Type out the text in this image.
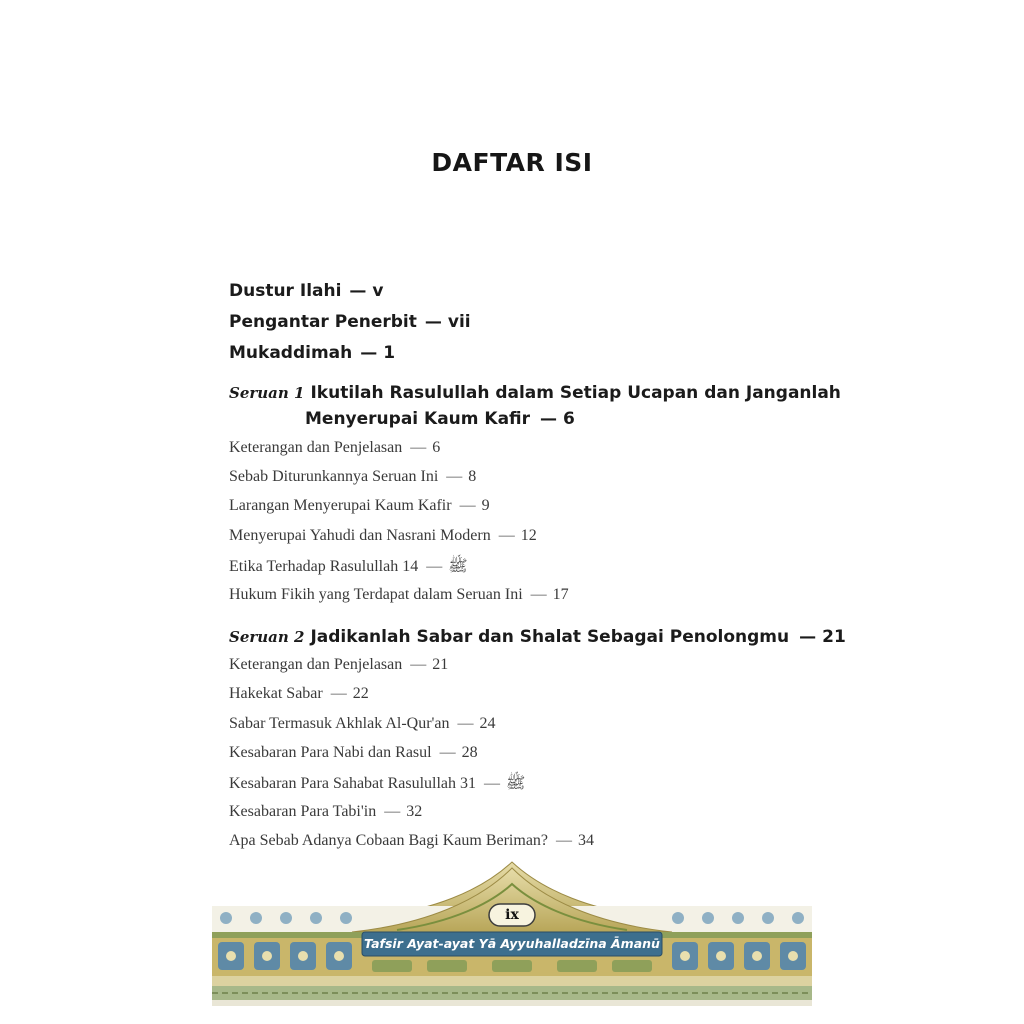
DAFTAR ISI
Dustur Ilahi — v
Pengantar Penerbit — vii
Mukaddimah — 1
Seruan 1 Ikutilah Rasulullah dalam Setiap Ucapan dan Janganlah
Menyerupai Kaum Kafir — 6
Keterangan dan Penjelasan — 6
Sebab Diturunkannya Seruan Ini — 8
Larangan Menyerupai Kaum Kafir — 9
Menyerupai Yahudi dan Nasrani Modern — 12
Etika Terhadap Rasulullah ﷺ—14
Hukum Fikih yang Terdapat dalam Seruan Ini — 17
Seruan 2 Jadikanlah Sabar dan Shalat Sebagai Penolongmu — 21
Keterangan dan Penjelasan — 21
Hakekat Sabar — 22
Sabar Termasuk Akhlak Al-Qur'an — 24
Kesabaran Para Nabi dan Rasul — 28
Kesabaran Para Sahabat Rasulullah ﷺ—31
Kesabaran Para Tabi'in — 32
Apa Sebab Adanya Cobaan Bagi Kaum Beriman? — 34
ix
Tafsir Ayat-ayat Yā Ayyuhalladzīna Āmanū
